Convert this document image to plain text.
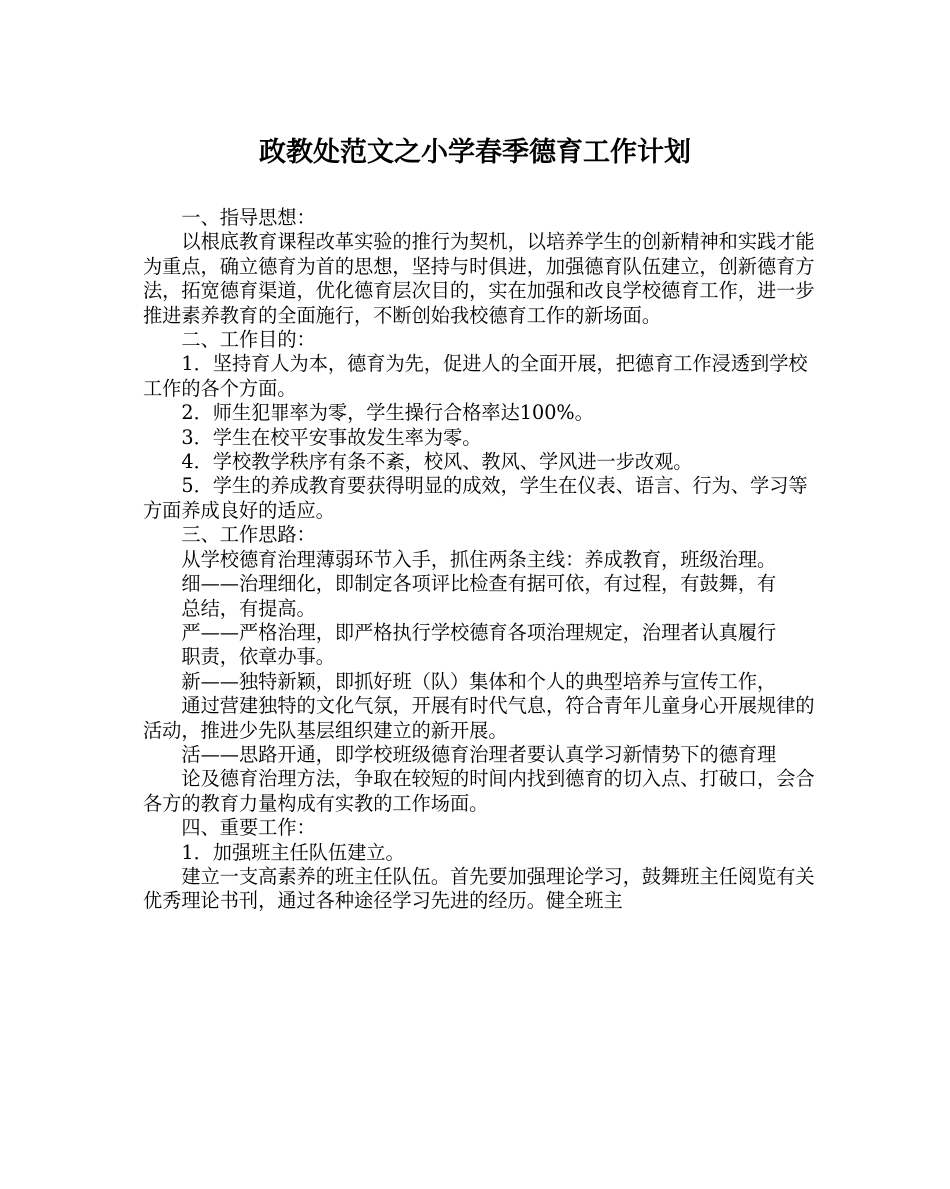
政教处范文之小学春季德育工作计划

一、指导思想：

以根底教育课程改革实验的推行为契机，以培养学生的创新精神和实践才能为重点，确立德育为首的思想，坚持与时俱进，加强德育队伍建立，创新德育方法，拓宽德育渠道，优化德育层次目的，实在加强和改良学校德育工作，进一步推进素养教育的全面施行，不断创始我校德育工作的新场面。

二、工作目的：

1．坚持育人为本，德育为先，促进人的全面开展，把德育工作浸透到学校工作的各个方面。

2．师生犯罪率为零，学生操行合格率达100%。

3．学生在校平安事故发生率为零。

4．学校教学秩序有条不紊，校风、教风、学风进一步改观。

5．学生的养成教育要获得明显的成效，学生在仪表、语言、行为、学习等方面养成良好的适应。

三、工作思路：

从学校德育治理薄弱环节入手，抓住两条主线：养成教育，班级治理。

细——治理细化，即制定各项评比检查有据可依，有过程，有鼓舞，有

总结，有提高。

严——严格治理，即严格执行学校德育各项治理规定，治理者认真履行

职责，依章办事。

新——独特新颖，即抓好班（队）集体和个人的典型培养与宣传工作，

通过营建独特的文化气氛，开展有时代气息，符合青年儿童身心开展规律的活动，推进少先队基层组织建立的新开展。

活——思路开通，即学校班级德育治理者要认真学习新情势下的德育理

论及德育治理方法，争取在较短的时间内找到德育的切入点、打破口，会合各方的教育力量构成有实教的工作场面。

四、重要工作：

1．加强班主任队伍建立。

建立一支高素养的班主任队伍。首先要加强理论学习，鼓舞班主任阅览有关优秀理论书刊，通过各种途径学习先进的经历。健全班主
